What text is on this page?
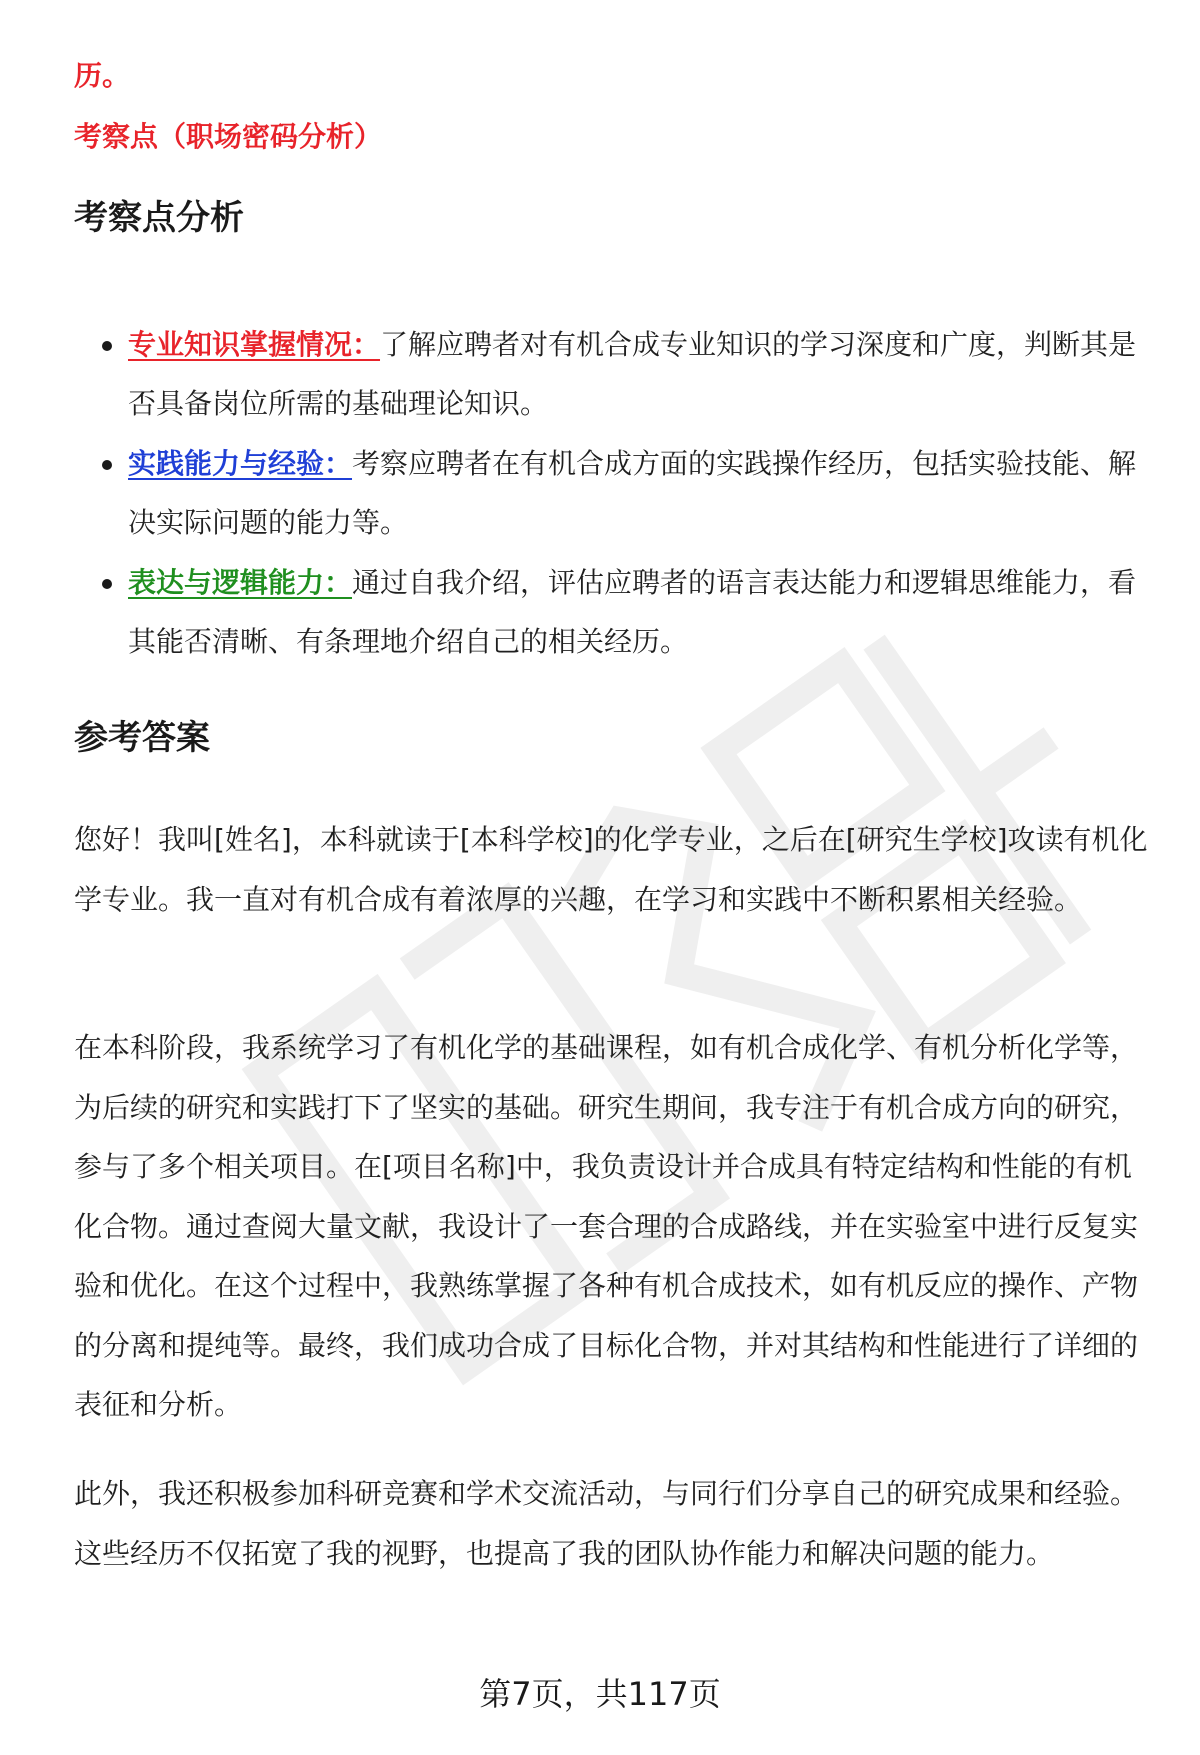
历。
考察点（职场密码分析）
考察点分析
专业知识掌握情况：了解应聘者对有机合成专业知识的学习深度和广度，判断其是否具备岗位所需的基础理论知识。
实践能力与经验：考察应聘者在有机合成方面的实践操作经历，包括实验技能、解决实际问题的能力等。
表达与逻辑能力：通过自我介绍，评估应聘者的语言表达能力和逻辑思维能力，看其能否清晰、有条理地介绍自己的相关经历。
参考答案

您好！我叫[姓名]，本科就读于[本科学校]的化学专业，之后在[研究生学校]攻读有机化学专业。我一直对有机合成有着浓厚的兴趣，在学习和实践中不断积累相关经验。

在本科阶段，我系统学习了有机化学的基础课程，如有机合成化学、有机分析化学等，为后续的研究和实践打下了坚实的基础。研究生期间，我专注于有机合成方向的研究，参与了多个相关项目。在[项目名称]中，我负责设计并合成具有特定结构和性能的有机化合物。通过查阅大量文献，我设计了一套合理的合成路线，并在实验室中进行反复实验和优化。在这个过程中，我熟练掌握了各种有机合成技术，如有机反应的操作、产物的分离和提纯等。最终，我们成功合成了目标化合物，并对其结构和性能进行了详细的表征和分析。

此外，我还积极参加科研竞赛和学术交流活动，与同行们分享自己的研究成果和经验。这些经历不仅拓宽了我的视野，也提高了我的团队协作能力和解决问题的能力。

第7页，共117页
